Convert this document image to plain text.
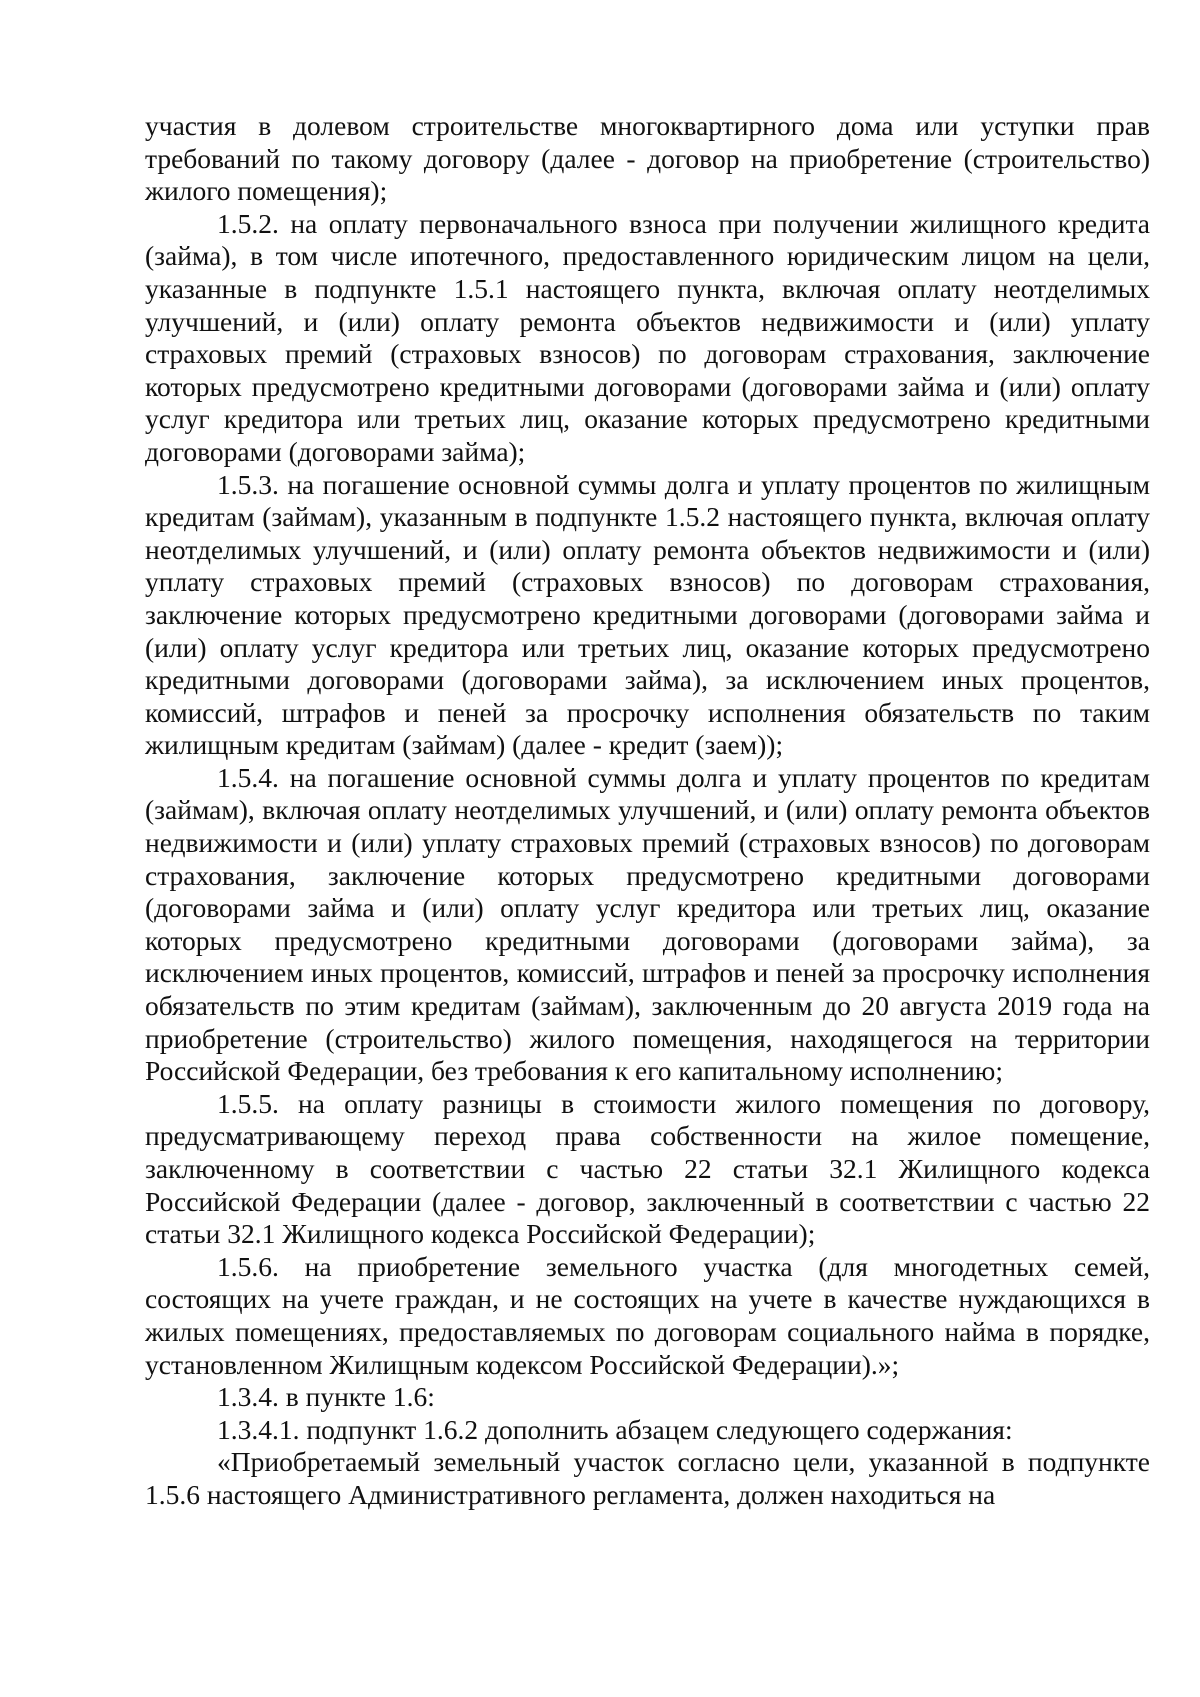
участия в долевом строительстве многоквартирного дома или уступки прав требований по такому договору (далее - договор на приобретение (строительство) жилого помещения);

1.5.2. на оплату первоначального взноса при получении жилищного кредита (займа), в том числе ипотечного, предоставленного юридическим лицом на цели, указанные в подпункте 1.5.1 настоящего пункта, включая оплату неотделимых улучшений, и (или) оплату ремонта объектов недвижимости и (или) уплату страховых премий (страховых взносов) по договорам страхования, заключение которых предусмотрено кредитными договорами (договорами займа и (или) оплату услуг кредитора или третьих лиц, оказание которых предусмотрено кредитными договорами (договорами займа);

1.5.3. на погашение основной суммы долга и уплату процентов по жилищным кредитам (займам), указанным в подпункте 1.5.2 настоящего пункта, включая оплату неотделимых улучшений, и (или) оплату ремонта объектов недвижимости и (или) уплату страховых премий (страховых взносов) по договорам страхования, заключение которых предусмотрено кредитными договорами (договорами займа и (или) оплату услуг кредитора или третьих лиц, оказание которых предусмотрено кредитными договорами (договорами займа), за исключением иных процентов, комиссий, штрафов и пеней за просрочку исполнения обязательств по таким жилищным кредитам (займам) (далее - кредит (заем));

1.5.4. на погашение основной суммы долга и уплату процентов по кредитам (займам), включая оплату неотделимых улучшений, и (или) оплату ремонта объектов недвижимости и (или) уплату страховых премий (страховых взносов) по договорам страхования, заключение которых предусмотрено кредитными договорами (договорами займа и (или) оплату услуг кредитора или третьих лиц, оказание которых предусмотрено кредитными договорами (договорами займа), за исключением иных процентов, комиссий, штрафов и пеней за просрочку исполнения обязательств по этим кредитам (займам), заключенным до 20 августа 2019 года на приобретение (строительство) жилого помещения, находящегося на территории Российской Федерации, без требования к его капитальному исполнению;

1.5.5. на оплату разницы в стоимости жилого помещения по договору, предусматривающему переход права собственности на жилое помещение, заключенному в соответствии с частью 22 статьи 32.1 Жилищного кодекса Российской Федерации (далее - договор, заключенный в соответствии с частью 22 статьи 32.1 Жилищного кодекса Российской Федерации);

1.5.6. на приобретение земельного участка (для многодетных семей, состоящих на учете граждан, и не состоящих на учете в качестве нуждающихся в жилых помещениях, предоставляемых по договорам социального найма в порядке, установленном Жилищным кодексом Российской Федерации).»;

1.3.4. в пункте 1.6:

1.3.4.1. подпункт 1.6.2 дополнить абзацем следующего содержания:

«Приобретаемый земельный участок согласно цели, указанной в подпункте 1.5.6 настоящего Административного регламента, должен находиться на
